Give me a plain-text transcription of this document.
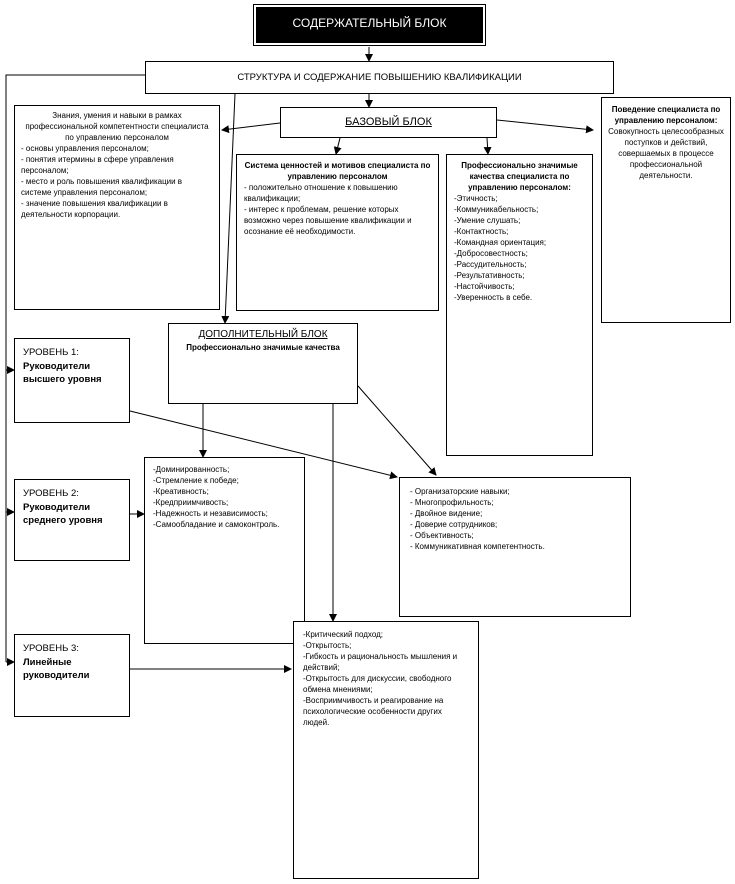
СОДЕРЖАТЕЛЬНЫЙ БЛОК
СТРУКТУРА И СОДЕРЖАНИЕ ПОВЫШЕНИЮ КВАЛИФИКАЦИИ
БАЗОВЫЙ БЛОК

Знания, умения и навыки в рамках профессиональной компетентности специалиста по управлению персоналом

- основы управления персоналом;

- понятия итермины в сфере управления персоналом;

- место и роль повышения квалификации в системе управления персоналом;

- значение повышения квалификации в деятельности корпорации.

Система ценностей и мотивов специалиста по управлению персоналом

- положительно отношение к повышению квалификации;

- интерес к проблемам, решение которых возможно через повышение квалификации и осознание её необходимости.

Профессионально значимые качества специалиста по управлению персоналом:

-Этичность;

-Коммуникабельность;

-Умение слушать;

-Контактность;

-Командная ориентация;

-Добросовестность;

-Рассудительность;

-Результативность;

-Настойчивость;

-Уверенность в себе.

Поведение специалиста по управлению персоналом:

Совокупность целесообразных поступков и действий, совершаемых в процессе профессиональной деятельности.

ДОПОЛНИТЕЛЬНЫЙ БЛОК

Профессионально значимые качества

УРОВЕНЬ 1:

Руководители высшего уровня

УРОВЕНЬ 2:

Руководители среднего уровня

УРОВЕНЬ 3:

Линейные руководители

-Доминированность;

-Стремление к победе;

-Креативность;

-Кредприимчивость;

-Надежность и независимость;

-Самообладание и самоконтроль.

- Организаторские навыки;

- Многопрофильность;

- Двойное видение;

- Доверие сотрудников;

- Объективность;

- Коммуникативная компетентность.

-Критический подход;

-Открытость;

-Гибкость и рациональность мышления и действий;

-Открытость для дискуссии, свободного обмена мнениями;

-Восприимчивость и реагирование на психологические особенности других людей.
